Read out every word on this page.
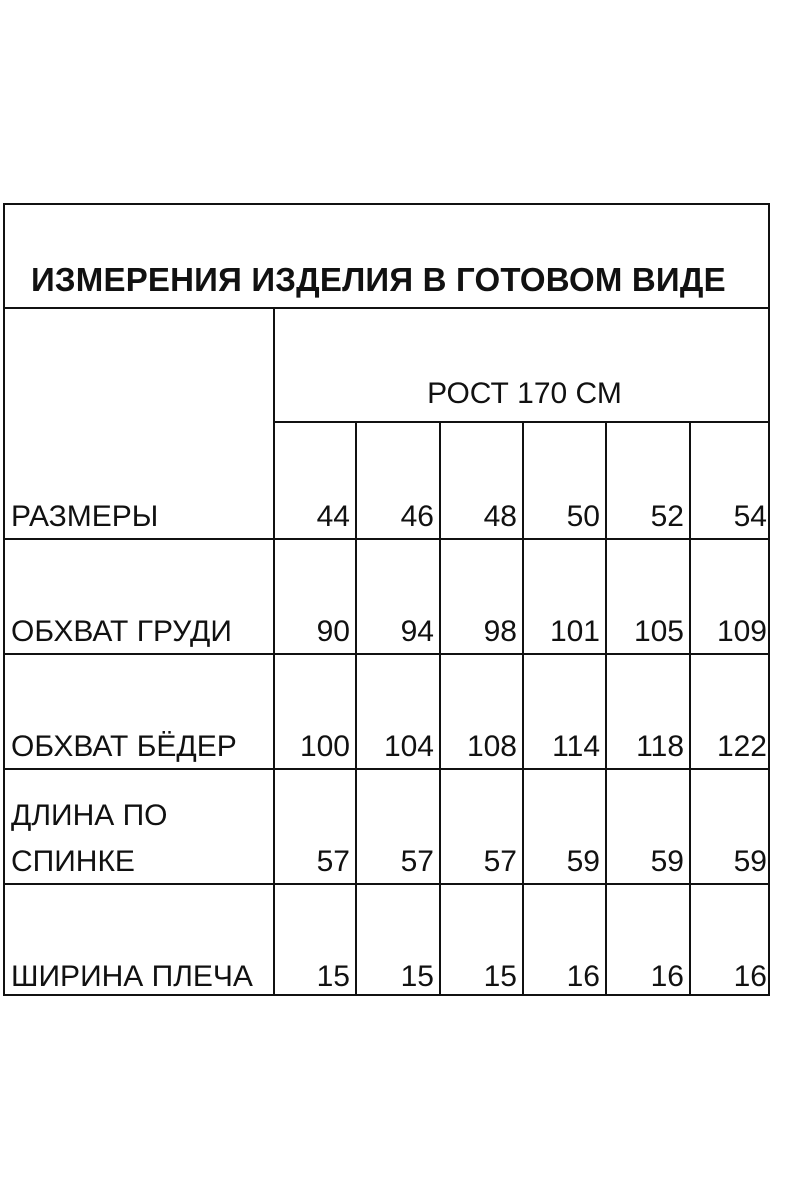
ИЗМЕРЕНИЯ ИЗДЕЛИЯ В ГОТОВОМ ВИДЕ
РОСТ 170 СМ
РАЗМЕРЫ	44	46	48	50	52	54
ОБХВАТ ГРУДИ	90	94	98	101	105	109
ОБХВАТ БЁДЕР	100	104	108	114	118	122
ДЛИНА ПО
СПИНКЕ	57	57	57	59	59	59
ШИРИНА ПЛЕЧА	15	15	15	16	16	16
